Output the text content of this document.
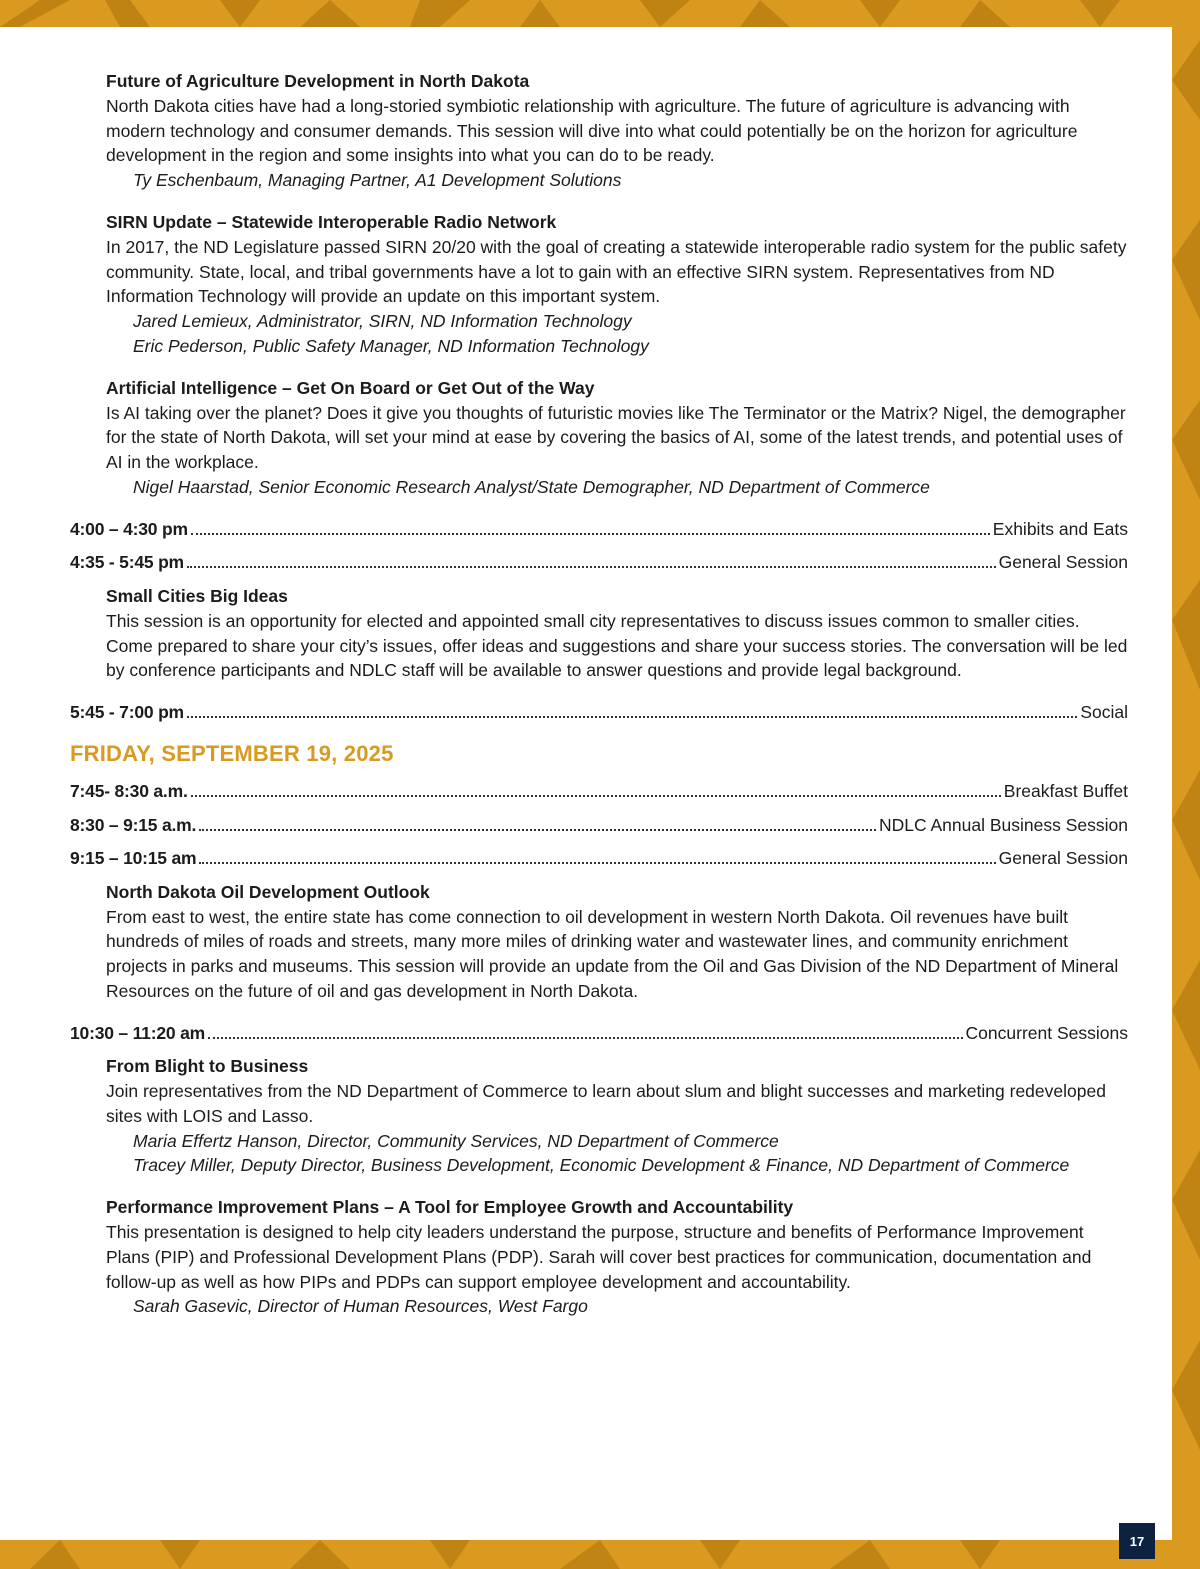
Future of Agriculture Development in North Dakota
North Dakota cities have had a long-storied symbiotic relationship with agriculture. The future of agriculture is advancing with modern technology and consumer demands. This session will dive into what could potentially be on the horizon for agriculture development in the region and some insights into what you can do to be ready.
Ty Eschenbaum, Managing Partner, A1 Development Solutions
SIRN Update – Statewide Interoperable Radio Network
In 2017, the ND Legislature passed SIRN 20/20 with the goal of creating a statewide interoperable radio system for the public safety community. State, local, and tribal governments have a lot to gain with an effective SIRN system. Representatives from ND Information Technology will provide an update on this important system.
Jared Lemieux, Administrator, SIRN, ND Information Technology
Eric Pederson, Public Safety Manager, ND Information Technology
Artificial Intelligence – Get On Board or Get Out of the Way
Is AI taking over the planet? Does it give you thoughts of futuristic movies like The Terminator or the Matrix? Nigel, the demographer for the state of North Dakota, will set your mind at ease by covering the basics of AI, some of the latest trends, and potential uses of AI in the workplace.
Nigel Haarstad, Senior Economic Research Analyst/State Demographer, ND Department of Commerce
4:00 – 4:30 pm	Exhibits and Eats
4:35 - 5:45 pm	General Session
Small Cities Big Ideas
This session is an opportunity for elected and appointed small city representatives to discuss issues common to smaller cities. Come prepared to share your city’s issues, offer ideas and suggestions and share your success stories. The conversation will be led by conference participants and NDLC staff will be available to answer questions and provide legal background.
5:45 - 7:00 pm	Social
FRIDAY, SEPTEMBER 19, 2025
7:45- 8:30 a.m.	Breakfast Buffet
8:30 – 9:15 a.m.	NDLC Annual Business Session
9:15 – 10:15 am	General Session
North Dakota Oil Development Outlook
From east to west, the entire state has come connection to oil development in western North Dakota. Oil revenues have built hundreds of miles of roads and streets, many more miles of drinking water and wastewater lines, and community enrichment projects in parks and museums. This session will provide an update from the Oil and Gas Division of the ND Department of Mineral Resources on the future of oil and gas development in North Dakota.
10:30 – 11:20 am	Concurrent Sessions
From Blight to Business
Join representatives from the ND Department of Commerce to learn about slum and blight successes and marketing redeveloped sites with LOIS and Lasso.
Maria Effertz Hanson, Director, Community Services, ND Department of Commerce
Tracey Miller, Deputy Director, Business Development, Economic Development & Finance, ND Department of Commerce
Performance Improvement Plans – A Tool for Employee Growth and Accountability
This presentation is designed to help city leaders understand the purpose, structure and benefits of Performance Improvement Plans (PIP) and Professional Development Plans (PDP). Sarah will cover best practices for communication, documentation and follow-up as well as how PIPs and PDPs can support employee development and accountability.
Sarah Gasevic, Director of Human Resources, West Fargo
17
